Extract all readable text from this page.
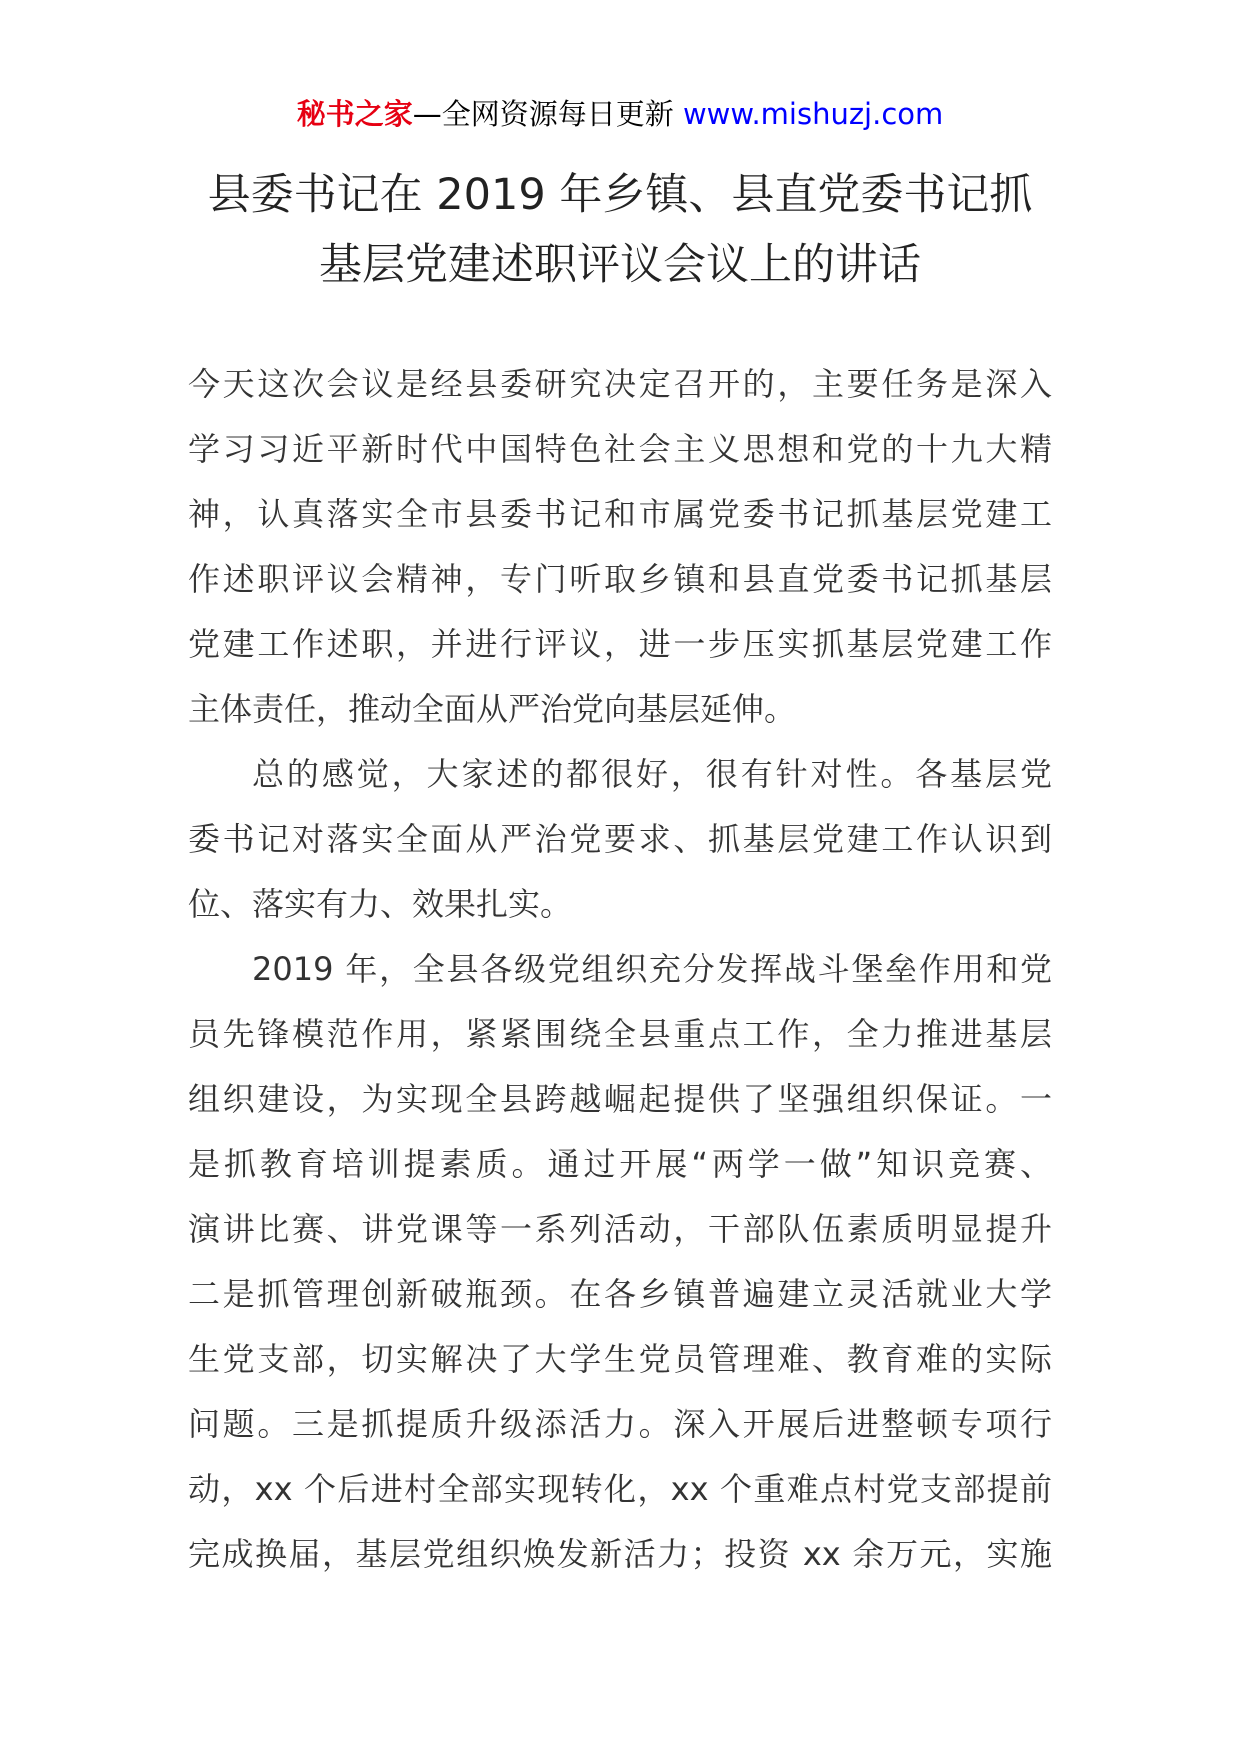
秘书之家—全网资源每日更新 www.mishuzj.com
县委书记在 2019 年乡镇、县直党委书记抓
基层党建述职评议会议上的讲话
今天这次会议是经县委研究决定召开的，主要任务是深入
学习习近平新时代中国特色社会主义思想和党的十九大精
神，认真落实全市县委书记和市属党委书记抓基层党建工
作述职评议会精神，专门听取乡镇和县直党委书记抓基层
党建工作述职，并进行评议，进一步压实抓基层党建工作
主体责任，推动全面从严治党向基层延伸。
总的感觉，大家述的都很好，很有针对性。各基层党
委书记对落实全面从严治党要求、抓基层党建工作认识到
位、落实有力、效果扎实。
2019 年，全县各级党组织充分发挥战斗堡垒作用和党
员先锋模范作用，紧紧围绕全县重点工作，全力推进基层
组织建设，为实现全县跨越崛起提供了坚强组织保证。一
是抓教育培训提素质。通过开展“两学一做”知识竞赛、
演讲比赛、讲党课等一系列活动，干部队伍素质明显提升
二是抓管理创新破瓶颈。在各乡镇普遍建立灵活就业大学
生党支部，切实解决了大学生党员管理难、教育难的实际
问题。三是抓提质升级添活力。深入开展后进整顿专项行
动，xx 个后进村全部实现转化，xx 个重难点村党支部提前
完成换届，基层党组织焕发新活力；投资 xx 余万元，实施
